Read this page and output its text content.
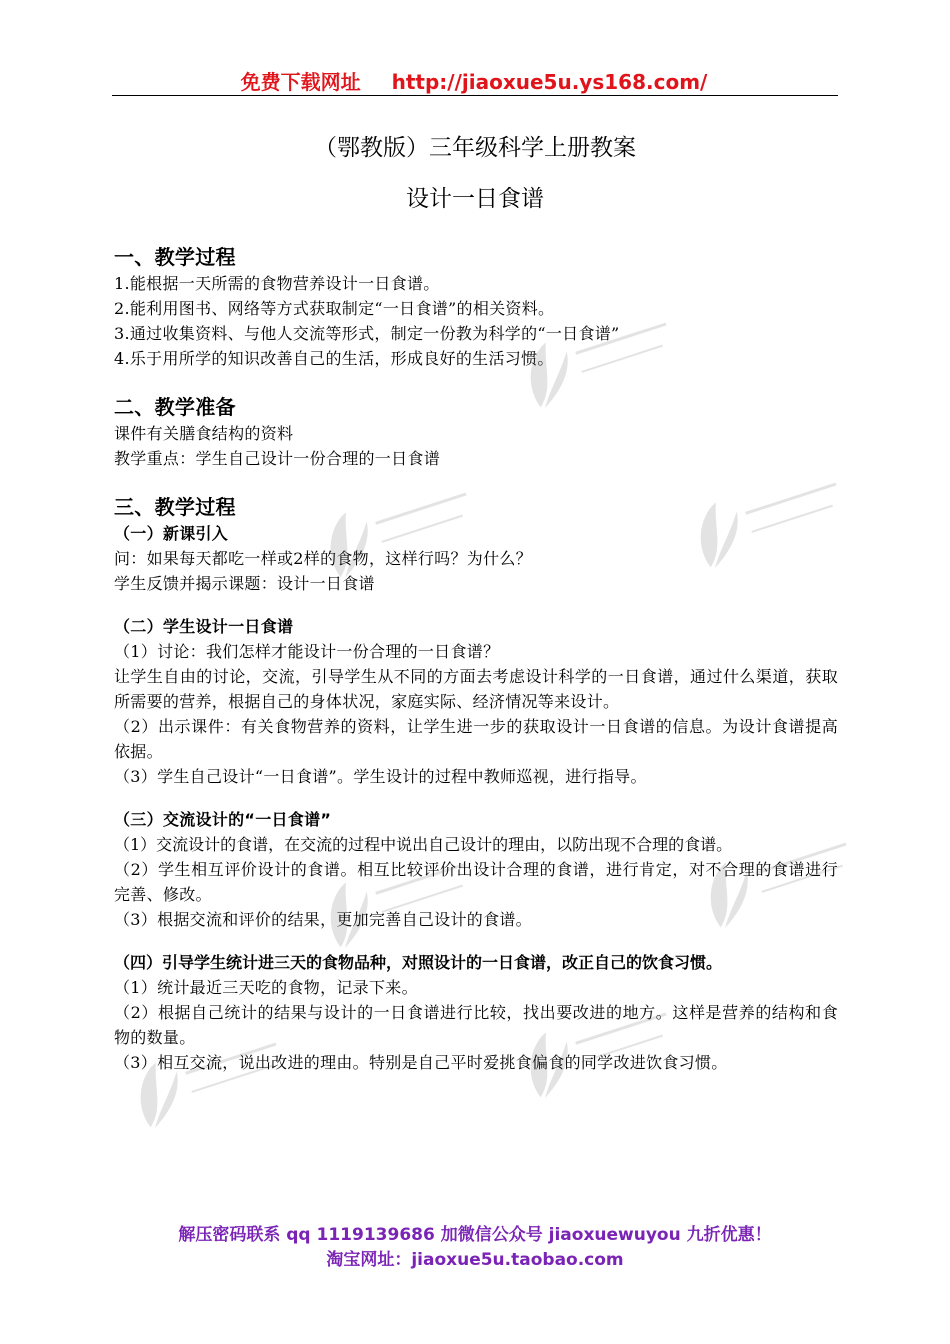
免费下载网址 http://jiaoxue5u.ys168.com/
（鄂教版）三年级科学上册教案
设计一日食谱
一、教学过程
1.能根据一天所需的食物营养设计一日食谱。
2.能利用图书、网络等方式获取制定“一日食谱”的相关资料。
3.通过收集资料、与他人交流等形式，制定一份教为科学的“一日食谱”
4.乐于用所学的知识改善自己的生活，形成良好的生活习惯。
二、教学准备
课件有关膳食结构的资料
教学重点：学生自己设计一份合理的一日食谱
三、教学过程
（一）新课引入
问：如果每天都吃一样或2样的食物，这样行吗？为什么？
学生反馈并揭示课题：设计一日食谱
（二）学生设计一日食谱
（1）讨论：我们怎样才能设计一份合理的一日食谱？
让学生自由的讨论，交流，引导学生从不同的方面去考虑设计科学的一日食谱，通过什么渠道，获取所需要的营养，根据自己的身体状况，家庭实际、经济情况等来设计。
（2）出示课件：有关食物营养的资料，让学生进一步的获取设计一日食谱的信息。为设计食谱提高依据。
（3）学生自己设计“一日食谱”。学生设计的过程中教师巡视，进行指导。
（三）交流设计的“一日食谱”
（1）交流设计的食谱，在交流的过程中说出自己设计的理由，以防出现不合理的食谱。
（2）学生相互评价设计的食谱。相互比较评价出设计合理的食谱，进行肯定，对不合理的食谱进行完善、修改。
（3）根据交流和评价的结果，更加完善自己设计的食谱。
（四）引导学生统计进三天的食物品种，对照设计的一日食谱，改正自己的饮食习惯。
（1）统计最近三天吃的食物，记录下来。
（2）根据自己统计的结果与设计的一日食谱进行比较，找出要改进的地方。这样是营养的结构和食物的数量。
（3）相互交流，说出改进的理由。特别是自己平时爱挑食偏食的同学改进饮食习惯。
解压密码联系 qq 1119139686 加微信公众号 jiaoxuewuyou 九折优惠！
淘宝网址：jiaoxue5u.taobao.com
